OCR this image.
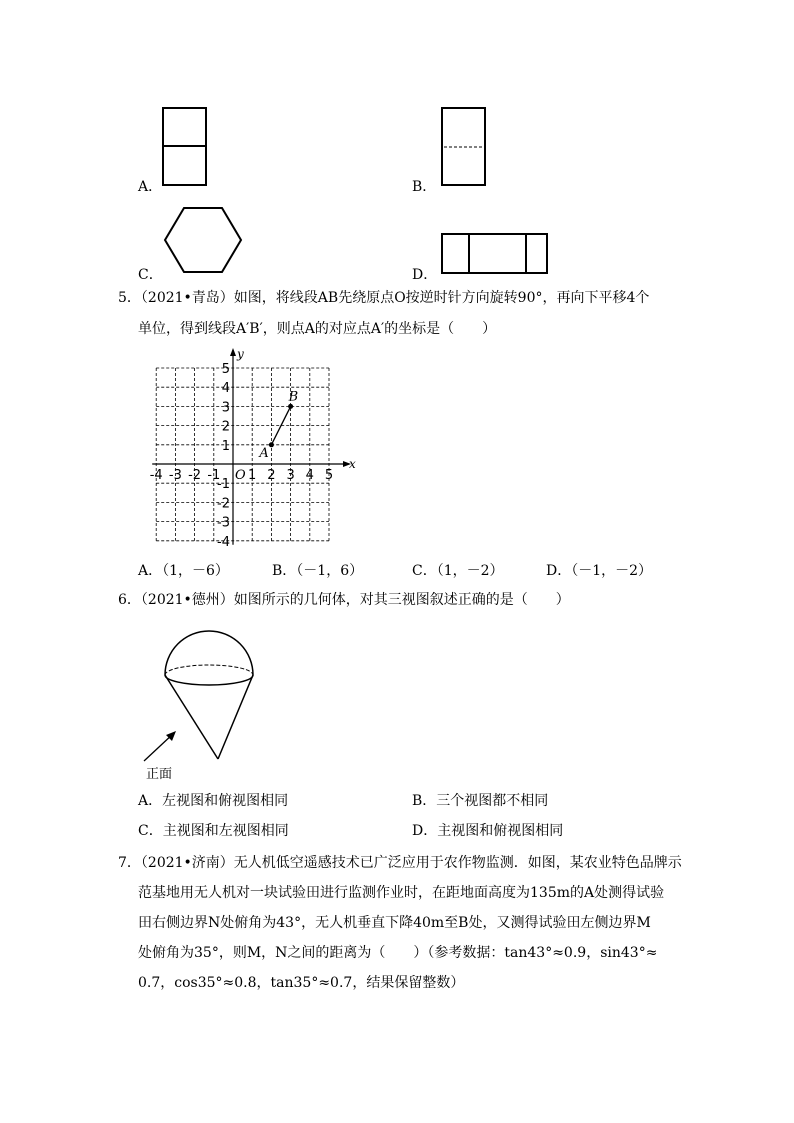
A．	B．
C．	D．
5．（2021•青岛）如图，将线段AB先绕原点O按逆时针方向旋转90°，再向下平移4个
单位，得到线段A′B′，则点A的对应点A′的坐标是（　　）
x
y
-4 -3 -2 -1 1 2 3 4 5
O
5
4
3
2
1
-1
-2
-3
-4
A
B
A．（1，－6）	B．（－1，6）	C．（1，－2）	D．（－1，－2）
6．（2021•德州）如图所示的几何体，对其三视图叙述正确的是（　　）
正面
A．左视图和俯视图相同	B．三个视图都不相同
C．主视图和左视图相同	D．主视图和俯视图相同
7．（2021•济南）无人机低空遥感技术已广泛应用于农作物监测．如图，某农业特色品牌示
范基地用无人机对一块试验田进行监测作业时，在距地面高度为135m的A处测得试验
田右侧边界N处俯角为43°，无人机垂直下降40m至B处，又测得试验田左侧边界M
处俯角为35°，则M，N之间的距离为（　　）（参考数据：tan43°≈0.9，sin43°≈
0.7，cos35°≈0.8，tan35°≈0.7，结果保留整数）
